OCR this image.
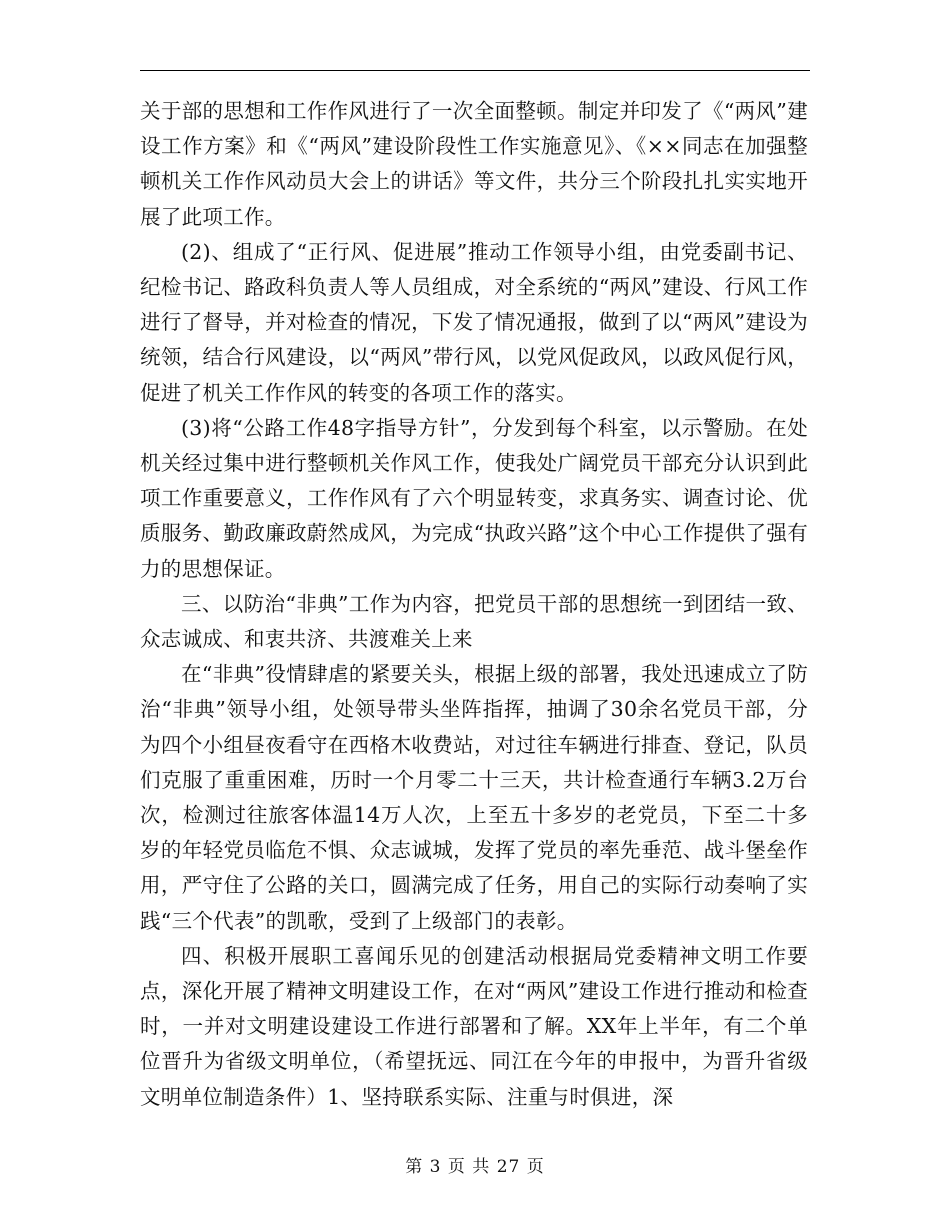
关于部的思想和工作作风进行了一次全面整顿。制定并印发了《“两风”建设工作方案》和《“两风”建设阶段性工作实施意见》、《××同志在加强整顿机关工作作风动员大会上的讲话》等文件，共分三个阶段扎扎实实地开展了此项工作。

(2)、组成了“正行风、促进展”推动工作领导小组，由党委副书记、纪检书记、路政科负责人等人员组成，对全系统的“两风”建设、行风工作进行了督导，并对检查的情况，下发了情况通报，做到了以“两风”建设为统领，结合行风建设，以“两风”带行风，以党风促政风，以政风促行风，促进了机关工作作风的转变的各项工作的落实。

(3)将“公路工作48字指导方针”，分发到每个科室，以示警励。在处机关经过集中进行整顿机关作风工作，使我处广阔党员干部充分认识到此项工作重要意义，工作作风有了六个明显转变，求真务实、调查讨论、优质服务、勤政廉政蔚然成风，为完成“执政兴路”这个中心工作提供了强有力的思想保证。

三、以防治“非典”工作为内容，把党员干部的思想统一到团结一致、众志诚成、和衷共济、共渡难关上来

在“非典”役情肆虐的紧要关头，根据上级的部署，我处迅速成立了防治“非典”领导小组，处领导带头坐阵指挥，抽调了30余名党员干部，分为四个小组昼夜看守在西格木收费站，对过往车辆进行排查、登记，队员们克服了重重困难，历时一个月零二十三天，共计检查通行车辆3.2万台次，检测过往旅客体温14万人次，上至五十多岁的老党员，下至二十多岁的年轻党员临危不惧、众志诚城，发挥了党员的率先垂范、战斗堡垒作用，严守住了公路的关口，圆满完成了任务，用自己的实际行动奏响了实践“三个代表”的凯歌，受到了上级部门的表彰。

四、积极开展职工喜闻乐见的创建活动根据局党委精神文明工作要点，深化开展了精神文明建设工作，在对“两风”建设工作进行推动和检查时，一并对文明建设建设工作进行部署和了解。XX年上半年，有二个单位晋升为省级文明单位，（希望抚远、同江在今年的申报中，为晋升省级文明单位制造条件）1、坚持联系实际、注重与时俱进，深

第 3 页 共 27 页
